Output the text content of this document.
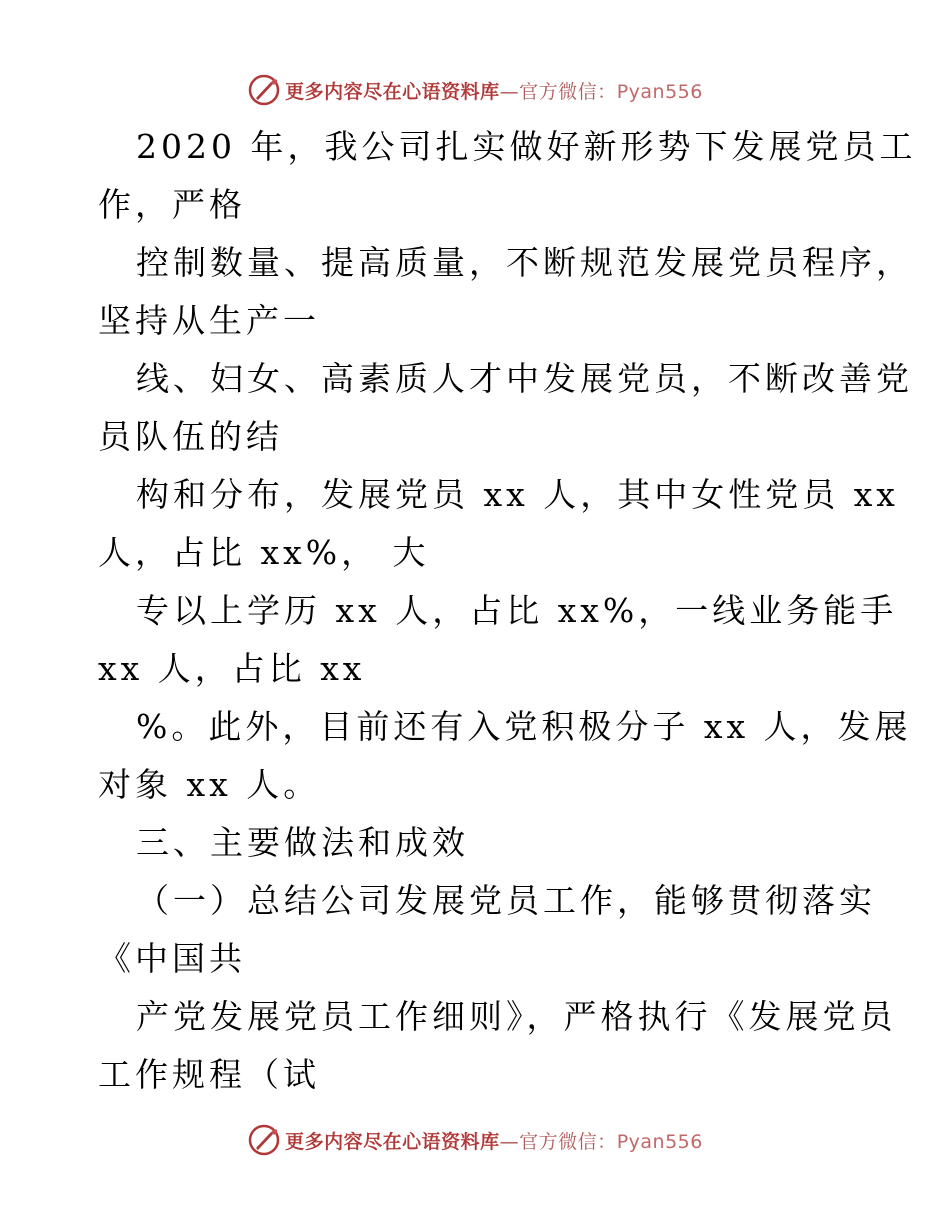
更多内容尽在心语资料库—官方微信：Pyan556
2020 年，我公司扎实做好新形势下发展党员工
作，严格
控制数量、提高质量，不断规范发展党员程序，
坚持从生产一
线、妇女、高素质人才中发展党员，不断改善党
员队伍的结
构和分布，发展党员 xx 人，其中女性党员 xx
人，占比 xx%， 大
专以上学历 xx 人，占比 xx%，一线业务能手
xx 人，占比 xx
%。此外，目前还有入党积极分子 xx 人，发展
对象 xx 人。
三、主要做法和成效
（一）总结公司发展党员工作，能够贯彻落实
《中国共
产党发展党员工作细则》，严格执行《发展党员
工作规程（试
更多内容尽在心语资料库—官方微信：Pyan556
